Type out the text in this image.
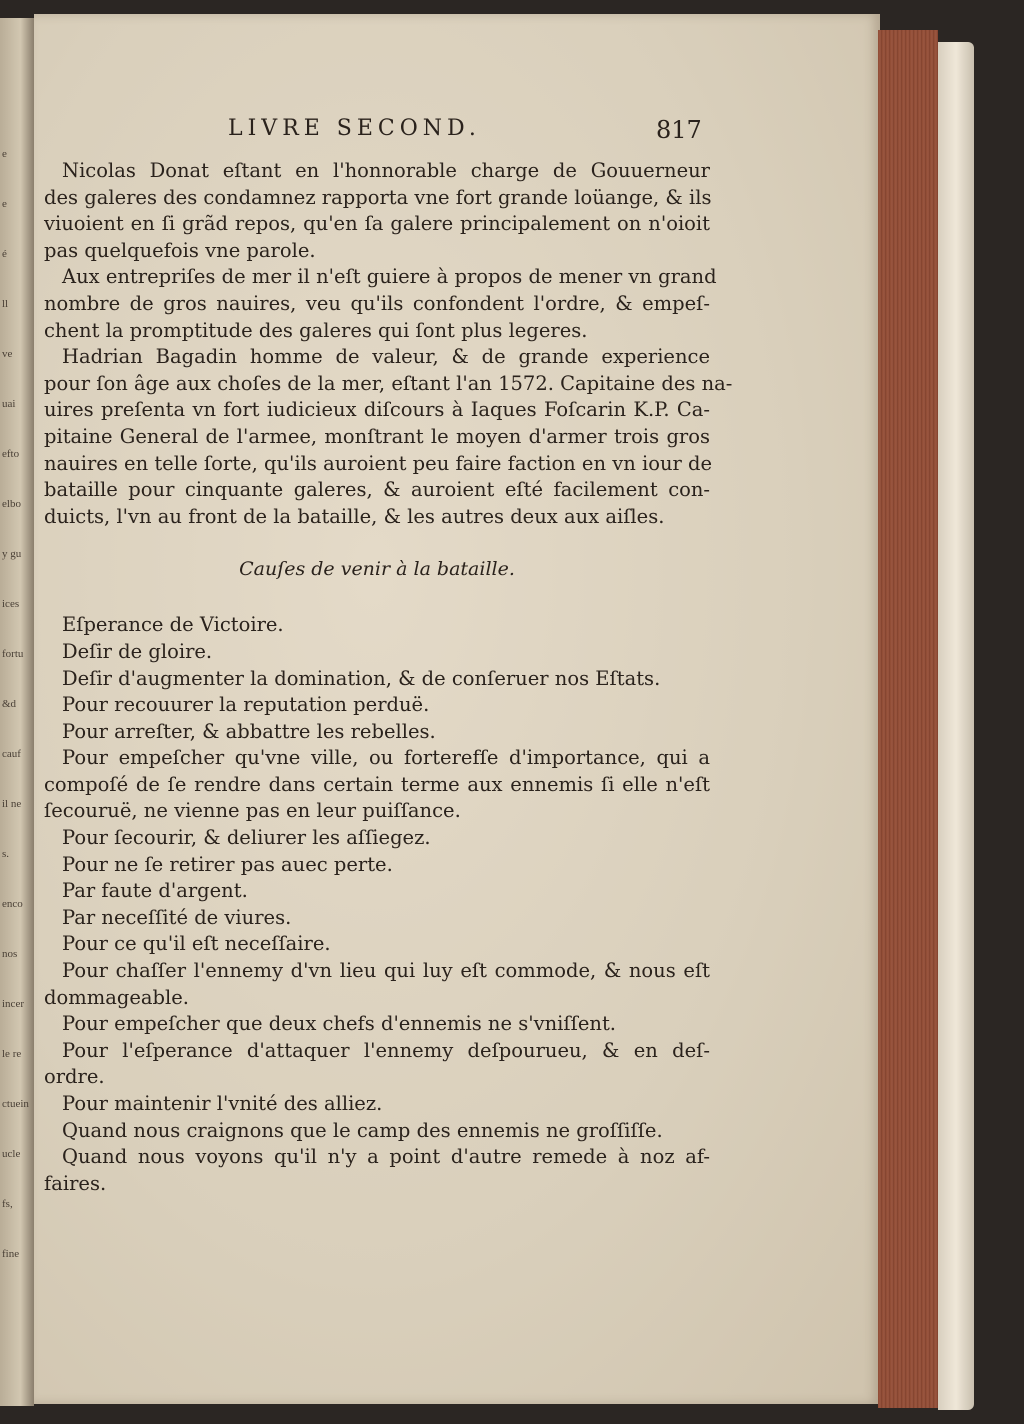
e
e
é
ll
ve
uai
efto
elbo
y gu
ices
fortu
&d
cauf
il ne
s.
enco
nos
incer
le re
ctuein
ucle
fs,
fine
LIVRE SECOND.	817
Nicolas Donat eſtant en l'honnorable charge de Gouuerneur
des galeres des condamnez rapporta vne fort grande loüange, & ils
viuoient en ſi grãd repos, qu'en ſa galere principalement on n'oioit
pas quelquefois vne parole.
Aux entrepriſes de mer il n'eſt guiere à propos de mener vn grand
nombre de gros nauires, veu qu'ils confondent l'ordre, & empeſ-
chent la promptitude des galeres qui ſont plus legeres.
Hadrian Bagadin homme de valeur, & de grande experience
pour ſon âge aux choſes de la mer, eſtant l'an 1572. Capitaine des na-
uires preſenta vn fort iudicieux diſcours à Iaques Foſcarin K.P. Ca-
pitaine General de l'armee, monſtrant le moyen d'armer trois gros
nauires en telle ſorte, qu'ils auroient peu faire faction en vn iour de
bataille pour cinquante galeres, & auroient eſté facilement con-
duicts, l'vn au front de la bataille, & les autres deux aux aiſles.
Cauſes de venir à la bataille.
Eſperance de Victoire.
Deſir de gloire.
Deſir d'augmenter la domination, & de conſeruer nos Eſtats.
Pour recouurer la reputation perduë.
Pour arreſter, & abbattre les rebelles.
Pour empeſcher qu'vne ville, ou forterefſe d'importance, qui a
compoſé de ſe rendre dans certain terme aux ennemis ſi elle n'eſt
ſecouruë, ne vienne pas en leur puiſſance.
Pour ſecourir, & deliurer les aſſiegez.
Pour ne ſe retirer pas auec perte.
Par faute d'argent.
Par neceſſité de viures.
Pour ce qu'il eſt neceſſaire.
Pour chaſſer l'ennemy d'vn lieu qui luy eſt commode, & nous eſt
dommageable.
Pour empeſcher que deux chefs d'ennemis ne s'vniſſent.
Pour l'eſperance d'attaquer l'ennemy deſpourueu, & en deſ-
ordre.
Pour maintenir l'vnité des alliez.
Quand nous craignons que le camp des ennemis ne groſſiſſe.
Quand nous voyons qu'il n'y a point d'autre remede à noz af-
faires.
